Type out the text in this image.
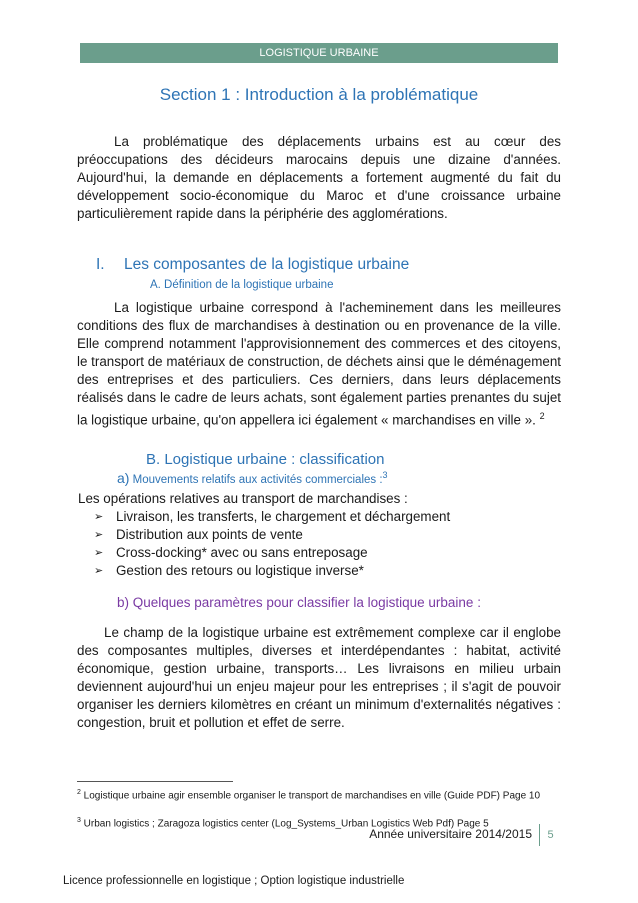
LOGISTIQUE URBAINE
Section 1 : Introduction à la problématique

La problématique des déplacements urbains est au cœur des préoccupations des décideurs marocains depuis une dizaine d'années. Aujourd'hui, la demande en déplacements a fortement augmenté du fait du développement socio-économique du Maroc et d'une croissance urbaine particulièrement rapide dans la périphérie des agglomérations.

I. Les composantes de la logistique urbaine
A. Définition de la logistique urbaine

La logistique urbaine correspond à l'acheminement dans les meilleures conditions des flux de marchandises à destination ou en provenance de la ville. Elle comprend notamment l'approvisionnement des commerces et des citoyens, le transport de matériaux de construction, de déchets ainsi que le déménagement des entreprises et des particuliers. Ces derniers, dans leurs déplacements réalisés dans le cadre de leurs achats, sont également parties prenantes du sujet la logistique urbaine, qu'on appellera ici également « marchandises en ville ». $^2$

B. Logistique urbaine : classification
a) Mouvements relatifs aux activités commerciales :$^3$
Les opérations relatives au transport de marchandises :
➢ Livraison, les transferts, le chargement et déchargement
➢ Distribution aux points de vente
➢ Cross-docking* avec ou sans entreposage
➢ Gestion des retours ou logistique inverse*
b) Quelques paramètres pour classifier la logistique urbaine :

Le champ de la logistique urbaine est extrêmement complexe car il englobe des composantes multiples, diverses et interdépendantes : habitat, activité économique, gestion urbaine, transports… Les livraisons en milieu urbain deviennent aujourd'hui un enjeu majeur pour les entreprises ; il s'agit de pouvoir organiser les derniers kilomètres en créant un minimum d'externalités négatives : congestion, bruit et pollution et effet de serre.

$^2$ Logistique urbaine agir ensemble organiser le transport de marchandises en ville (Guide PDF) Page 10
$^3$ Urban logistics ; Zaragoza logistics center (Log_Systems_Urban Logistics Web Pdf) Page 5
Année universitaire 2014/2015	5
Licence professionnelle en logistique ; Option logistique industrielle
